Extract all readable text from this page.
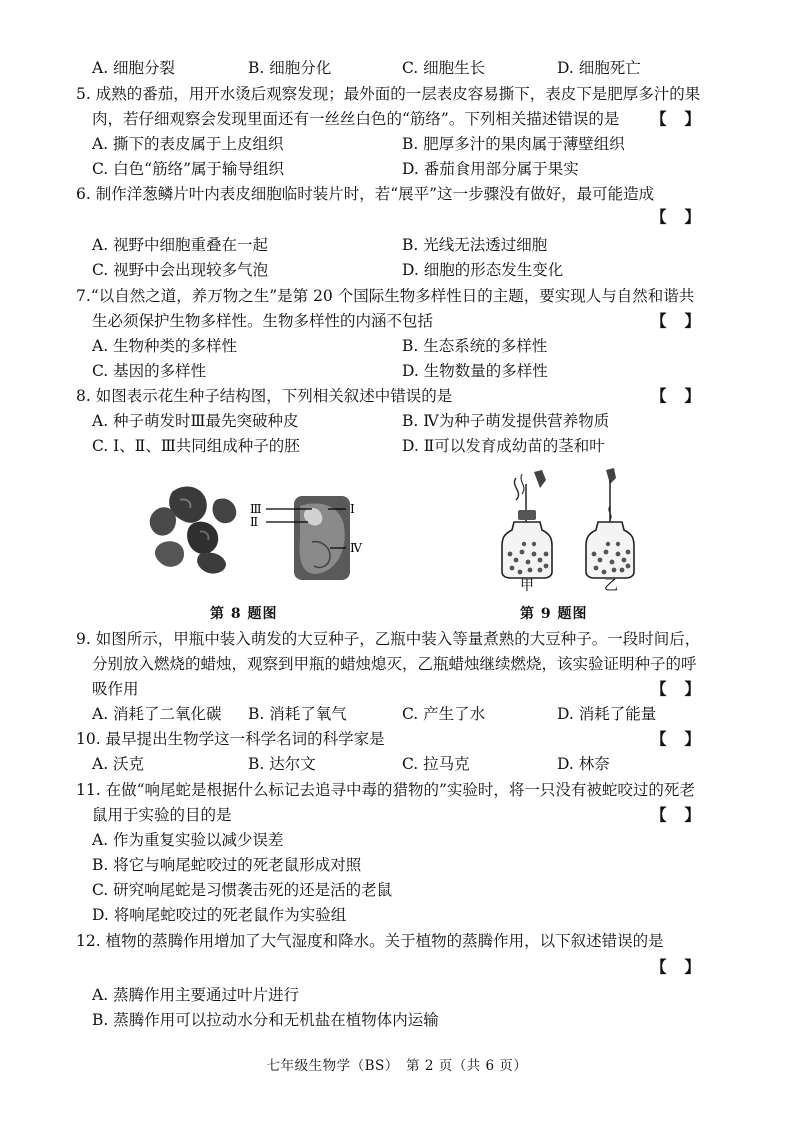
A. 细胞分裂	B. 细胞分化	C. 细胞生长	D. 细胞死亡
5. 成熟的番茄，用开水烫后观察发现；最外面的一层表皮容易撕下，表皮下是肥厚多汁的果
肉，若仔细观察会发现里面还有一丝丝白色的“筋络”。下列相关描述错误的是 【】
A. 撕下的表皮属于上皮组织	B. 肥厚多汁的果肉属于薄壁组织
C. 白色“筋络”属于输导组织	D. 番茄食用部分属于果实
6. 制作洋葱鳞片叶内表皮细胞临时装片时，若“展平”这一步骤没有做好，最可能造成
【】
A. 视野中细胞重叠在一起	B. 光线无法透过细胞
C. 视野中会出现较多气泡	D. 细胞的形态发生变化
7.“以自然之道，养万物之生”是第 20 个国际生物多样性日的主题，要实现人与自然和谐共
生必须保护生物多样性。生物多样性的内涵不包括	【】
A. 生物种类的多样性	B. 生态系统的多样性
C. 基因的多样性	D. 生物数量的多样性
8. 如图表示花生种子结构图，下列相关叙述中错误的是	【】
A. 种子萌发时Ⅲ最先突破种皮	B. Ⅳ为种子萌发提供营养物质
C. Ⅰ、Ⅱ、Ⅲ共同组成种子的胚	D. Ⅱ可以发育成幼苗的茎和叶
Ⅲ
Ⅱ
Ⅰ
Ⅳ
甲	乙
第 8 题图	第 9 题图
9. 如图所示，甲瓶中装入萌发的大豆种子，乙瓶中装入等量煮熟的大豆种子。一段时间后，
分别放入燃烧的蜡烛，观察到甲瓶的蜡烛熄灭，乙瓶蜡烛继续燃烧，该实验证明种子的呼
吸作用	【】
A. 消耗了二氧化碳 B. 消耗了氧气	C. 产生了水	D. 消耗了能量
10. 最早提出生物学这一科学名词的科学家是	【】
A. 沃克	B. 达尔文	C. 拉马克	D. 林奈
11. 在做“响尾蛇是根据什么标记去追寻中毒的猎物的”实验时，将一只没有被蛇咬过的死老
鼠用于实验的目的是	【】
A. 作为重复实验以减少误差
B. 将它与响尾蛇咬过的死老鼠形成对照
C. 研究响尾蛇是习惯袭击死的还是活的老鼠
D. 将响尾蛇咬过的死老鼠作为实验组
12. 植物的蒸腾作用增加了大气湿度和降水。关于植物的蒸腾作用，以下叙述错误的是
【】
A. 蒸腾作用主要通过叶片进行
B. 蒸腾作用可以拉动水分和无机盐在植物体内运输
七年级生物学（BS）　第 2 页（共 6 页）
